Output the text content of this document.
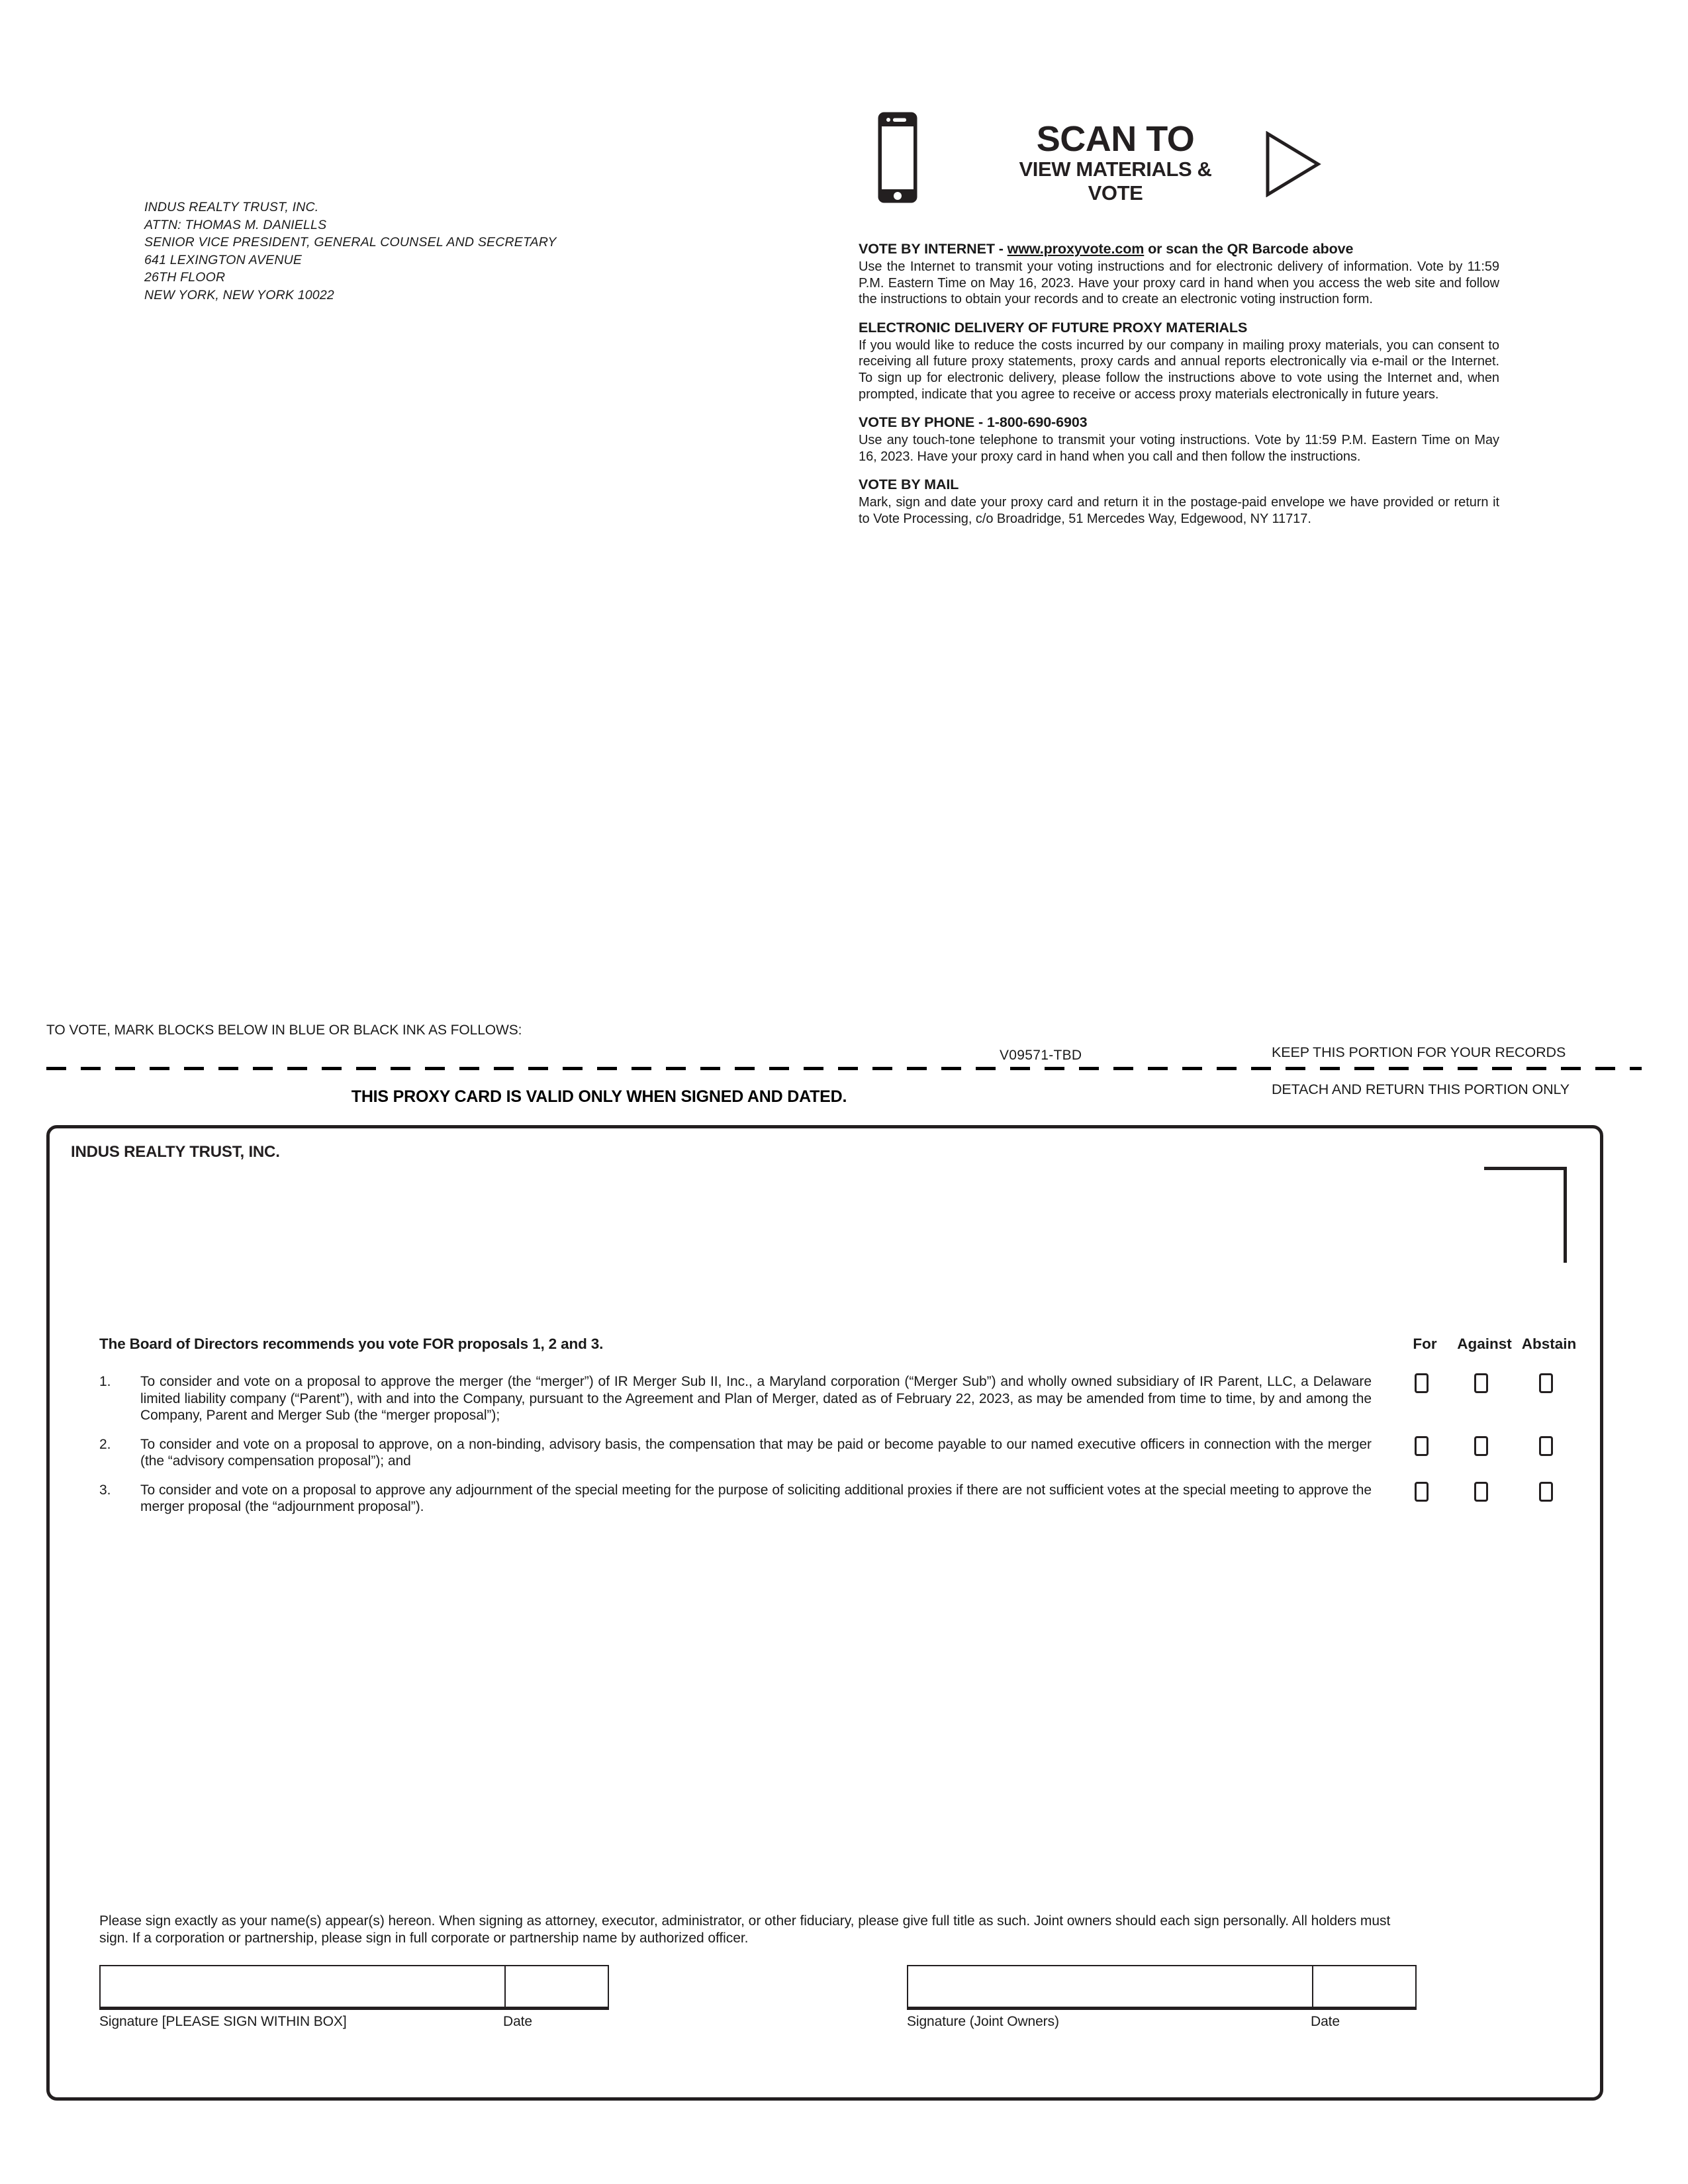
INDUS REALTY TRUST, INC.
ATTN: THOMAS M. DANIELLS
SENIOR VICE PRESIDENT, GENERAL COUNSEL AND SECRETARY
641 LEXINGTON AVENUE
26TH FLOOR
NEW YORK, NEW YORK 10022
SCAN TO
VIEW MATERIALS & VOTE
VOTE BY INTERNET - www.proxyvote.com or scan the QR Barcode above
Use the Internet to transmit your voting instructions and for electronic delivery of information. Vote by 11:59 P.M. Eastern Time on May 16, 2023. Have your proxy card in hand when you access the web site and follow the instructions to obtain your records and to create an electronic voting instruction form.
ELECTRONIC DELIVERY OF FUTURE PROXY MATERIALS
If you would like to reduce the costs incurred by our company in mailing proxy materials, you can consent to receiving all future proxy statements, proxy cards and annual reports electronically via e-mail or the Internet. To sign up for electronic delivery, please follow the instructions above to vote using the Internet and, when prompted, indicate that you agree to receive or access proxy materials electronically in future years.
VOTE BY PHONE - 1-800-690-6903
Use any touch-tone telephone to transmit your voting instructions. Vote by 11:59 P.M. Eastern Time on May 16, 2023. Have your proxy card in hand when you call and then follow the instructions.
VOTE BY MAIL
Mark, sign and date your proxy card and return it in the postage-paid envelope we have provided or return it to Vote Processing, c/o Broadridge, 51 Mercedes Way, Edgewood, NY 11717.
TO VOTE, MARK BLOCKS BELOW IN BLUE OR BLACK INK AS FOLLOWS:
V09571-TBD	KEEP THIS PORTION FOR YOUR RECORDS
DETACH AND RETURN THIS PORTION ONLY
THIS PROXY CARD IS VALID ONLY WHEN SIGNED AND DATED.
INDUS REALTY TRUST, INC.
The Board of Directors recommends you vote FOR proposals 1, 2 and 3.	For	Against Abstain
1.	To consider and vote on a proposal to approve the merger (the “merger”) of IR Merger Sub II, Inc., a Maryland corporation (“Merger Sub”) and wholly owned subsidiary of IR Parent, LLC, a Delaware limited liability company (“Parent”), with and into the Company, pursuant to the Agreement and Plan of Merger, dated as of February 22, 2023, as may be amended from time to time, by and among the Company, Parent and Merger Sub (the “merger proposal”);
2.	To consider and vote on a proposal to approve, on a non-binding, advisory basis, the compensation that may be paid or become payable to our named executive officers in connection with the merger (the “advisory compensation proposal”); and
3.	To consider and vote on a proposal to approve any adjournment of the special meeting for the purpose of soliciting additional proxies if there are not sufficient votes at the special meeting to approve the merger proposal (the “adjournment proposal”).
Please sign exactly as your name(s) appear(s) hereon. When signing as attorney, executor, administrator, or other fiduciary, please give full title as such. Joint owners should each sign personally. All holders must sign. If a corporation or partnership, please sign in full corporate or partnership name by authorized officer.
Signature [PLEASE SIGN WITHIN BOX]	Date	Signature (Joint Owners)	Date
